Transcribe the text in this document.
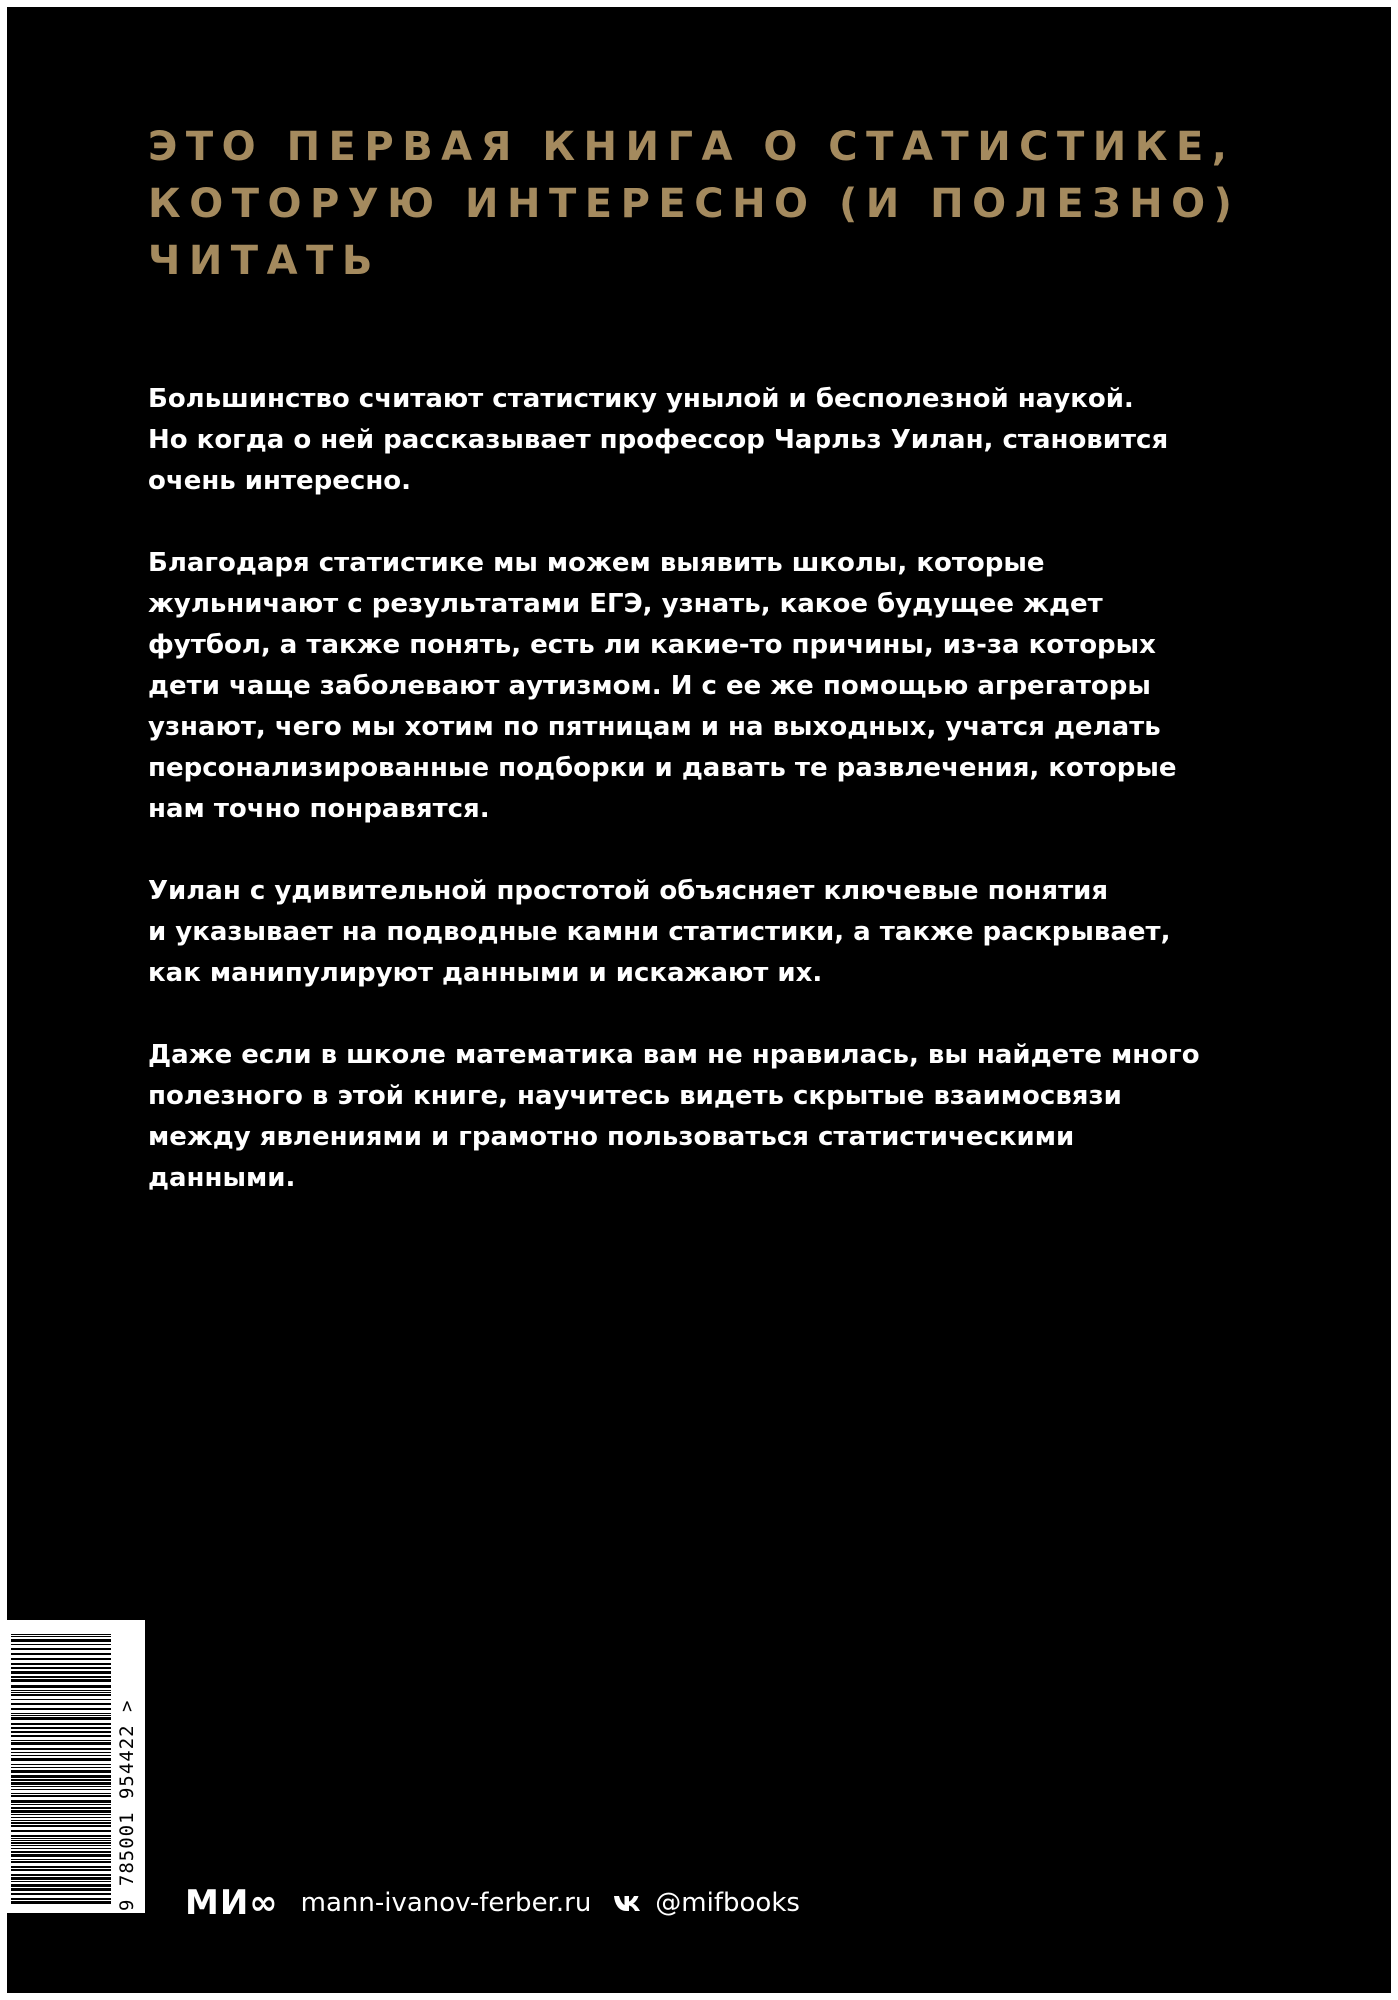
ЭТО ПЕРВАЯ КНИГА О СТАТИСТИКЕ,
КОТОРУЮ ИНТЕРЕСНО (И ПОЛЕЗНО)
ЧИТАТЬ

Большинство считают статистику унылой и бесполезной наукой.
Но когда о ней рассказывает профессор Чарльз Уилан, становится
очень интересно.

Благодаря статистике мы можем выявить школы, которые
жульничают с результатами ЕГЭ, узнать, какое будущее ждет
футбол, а также понять, есть ли какие-то причины, из-за которых
дети чаще заболевают аутизмом. И с ее же помощью агрегаторы
узнают, чего мы хотим по пятницам и на выходных, учатся делать
персонализированные подборки и давать те развлечения, которые
нам точно понравятся.

Уилан с удивительной простотой объясняет ключевые понятия
и указывает на подводные камни статистики, а также раскрывает,
как манипулируют данными и искажают их.

Даже если в школе математика вам не нравилась, вы найдете много
полезного в этой книге, научитесь видеть скрытые взаимосвязи
между явлениями и грамотно пользоваться статистическими
данными.

9 785001 954422 > МИ∞ mann-ivanov-ferber.ru @mifbooks
